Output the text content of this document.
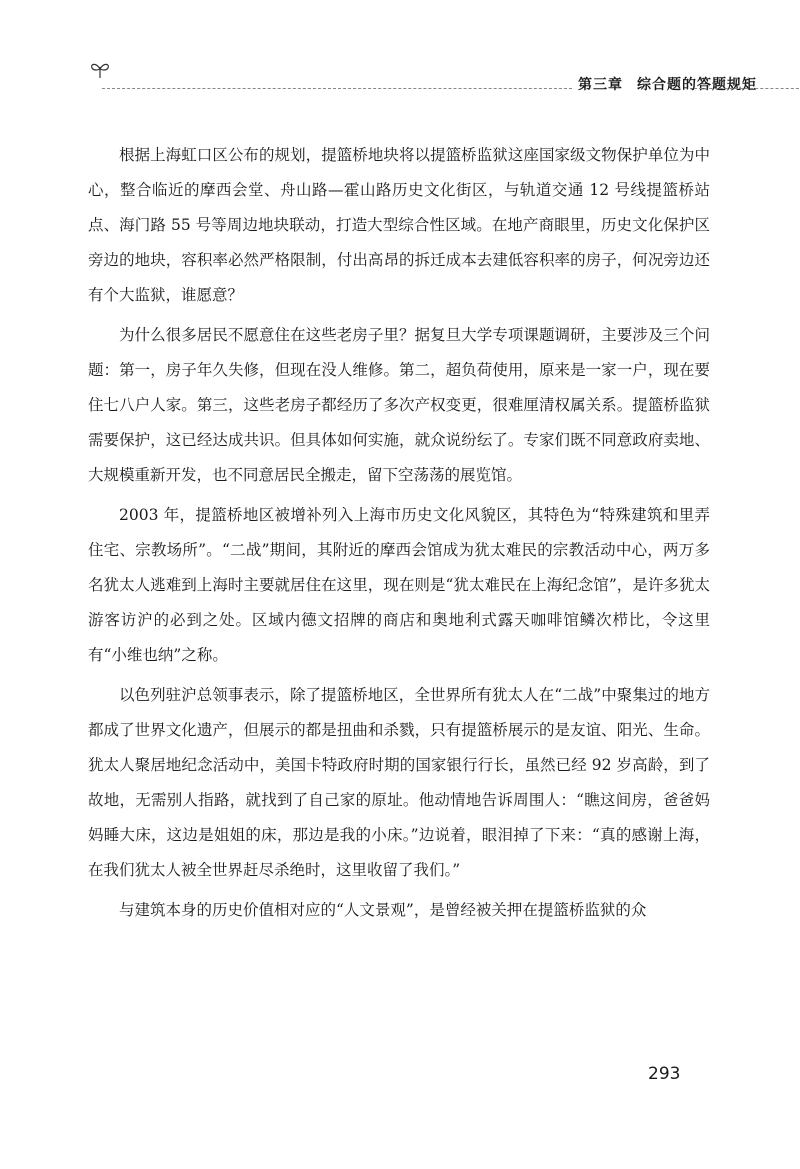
第三章 综合题的答题规矩

根据上海虹口区公布的规划，提篮桥地块将以提篮桥监狱这座国家级文物保护单位为中心，整合临近的摩西会堂、舟山路—霍山路历史文化街区，与轨道交通 12 号线提篮桥站点、海门路 55 号等周边地块联动，打造大型综合性区域。在地产商眼里，历史文化保护区旁边的地块，容积率必然严格限制，付出高昂的拆迁成本去建低容积率的房子，何况旁边还有个大监狱，谁愿意？

为什么很多居民不愿意住在这些老房子里？据复旦大学专项课题调研，主要涉及三个问题：第一，房子年久失修，但现在没人维修。第二，超负荷使用，原来是一家一户，现在要住七八户人家。第三，这些老房子都经历了多次产权变更，很难厘清权属关系。提篮桥监狱需要保护，这已经达成共识。但具体如何实施，就众说纷纭了。专家们既不同意政府卖地、大规模重新开发，也不同意居民全搬走，留下空荡荡的展览馆。

2003 年，提篮桥地区被增补列入上海市历史文化风貌区，其特色为“特殊建筑和里弄住宅、宗教场所”。“二战”期间，其附近的摩西会馆成为犹太难民的宗教活动中心，两万多名犹太人逃难到上海时主要就居住在这里，现在则是“犹太难民在上海纪念馆”，是许多犹太游客访沪的必到之处。区域内德文招牌的商店和奥地利式露天咖啡馆鳞次栉比，令这里有“小维也纳”之称。

以色列驻沪总领事表示，除了提篮桥地区，全世界所有犹太人在“二战”中聚集过的地方都成了世界文化遗产，但展示的都是扭曲和杀戮，只有提篮桥展示的是友谊、阳光、生命。犹太人聚居地纪念活动中，美国卡特政府时期的国家银行行长，虽然已经 92 岁高龄，到了故地，无需别人指路，就找到了自己家的原址。他动情地告诉周围人：“瞧这间房，爸爸妈妈睡大床，这边是姐姐的床，那边是我的小床。”边说着，眼泪掉了下来：“真的感谢上海，在我们犹太人被全世界赶尽杀绝时，这里收留了我们。”

与建筑本身的历史价值相对应的“人文景观”，是曾经被关押在提篮桥监狱的众

293
